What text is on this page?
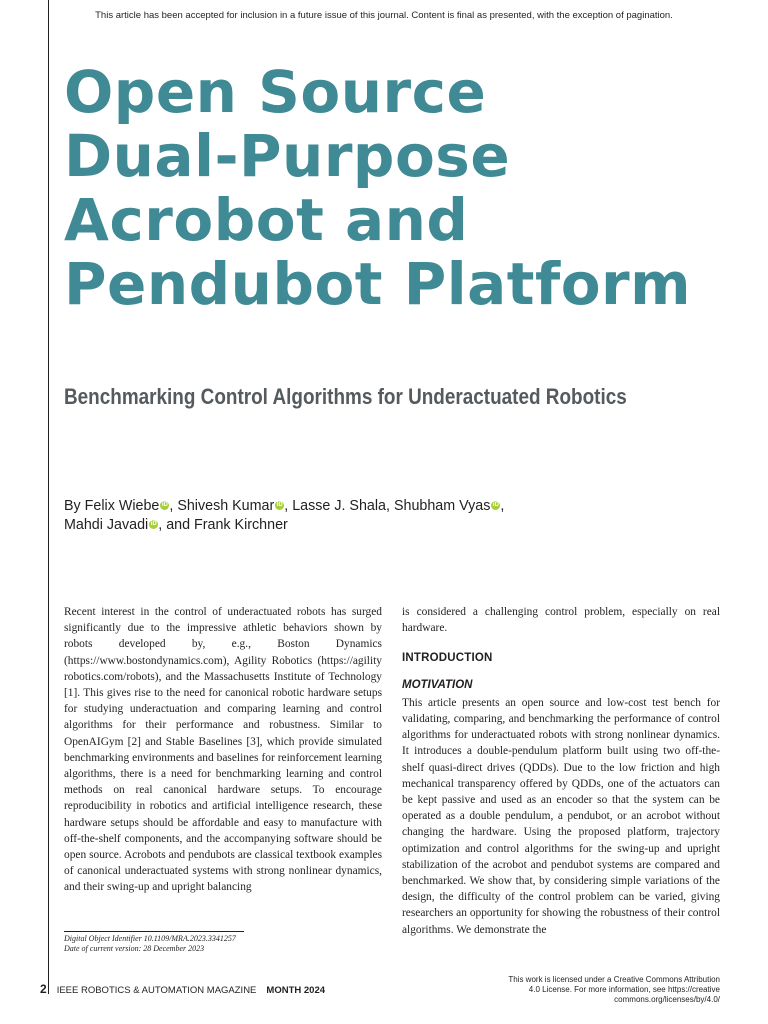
This article has been accepted for inclusion in a future issue of this journal. Content is final as presented, with the exception of pagination.
Open Source
Dual-Purpose
Acrobot and
Pendubot Platform
Benchmarking Control Algorithms for Underactuated Robotics
By Felix Wiebe iD , Shivesh Kumar iD , Lasse J. Shala, Shubham Vyas iD ,
Mahdi Javadi iD , and Frank Kirchner

Recent interest in the control of underactuated robots has surged significantly due to the impressive athletic behaviors shown by robots developed by, e.g., Boston Dynamics (https://www.bostondynamics.com), Agility Robotics (https://agility robotics.com/robots), and the Massachusetts Institute of Technology [1]. This gives rise to the need for canonical robotic hardware setups for studying underactuation and comparing learning and control algorithms for their performance and robustness. Similar to OpenAIGym [2] and Stable Baselines [3], which provide simulated benchmarking environments and baselines for reinforcement learning algorithms, there is a need for benchmarking learning and control methods on real canonical hardware setups. To encourage reproducibility in robotics and artificial intelligence research, these hardware setups should be affordable and easy to manufacture with off-the-shelf components, and the accompanying software should be open source. Acrobots and pendubots are classical textbook examples of canonical underactuated systems with strong nonlinear dynamics, and their swing-up and upright balancing

is considered a challenging control problem, especially on real hardware.

INTRODUCTION
MOTIVATION

This article presents an open source and low-cost test bench for validating, comparing, and benchmarking the performance of control algorithms for underactuated robots with strong nonlinear dynamics. It introduces a double-pendulum platform built using two off-the-shelf quasi-direct drives (QDDs). Due to the low friction and high mechanical transparency offered by QDDs, one of the actuators can be kept passive and used as an encoder so that the system can be operated as a double pendulum, a pendubot, or an acrobot without changing the hardware. Using the proposed platform, trajectory optimization and control algorithms for the swing-up and upright stabilization of the acrobot and pendubot systems are compared and benchmarked. We show that, by considering simple variations of the design, the difficulty of the control problem can be varied, giving researchers an opportunity for showing the robustness of their control algorithms. We demonstrate the

Digital Object Identifier 10.1109/MRA.2023.3341257
Date of current version: 28 December 2023
2 IEEE ROBOTICS & AUTOMATION MAGAZINE MONTH 2024
This work is licensed under a Creative Commons Attribution
4.0 License. For more information, see https://creative
commons.org/licenses/by/4.0/
